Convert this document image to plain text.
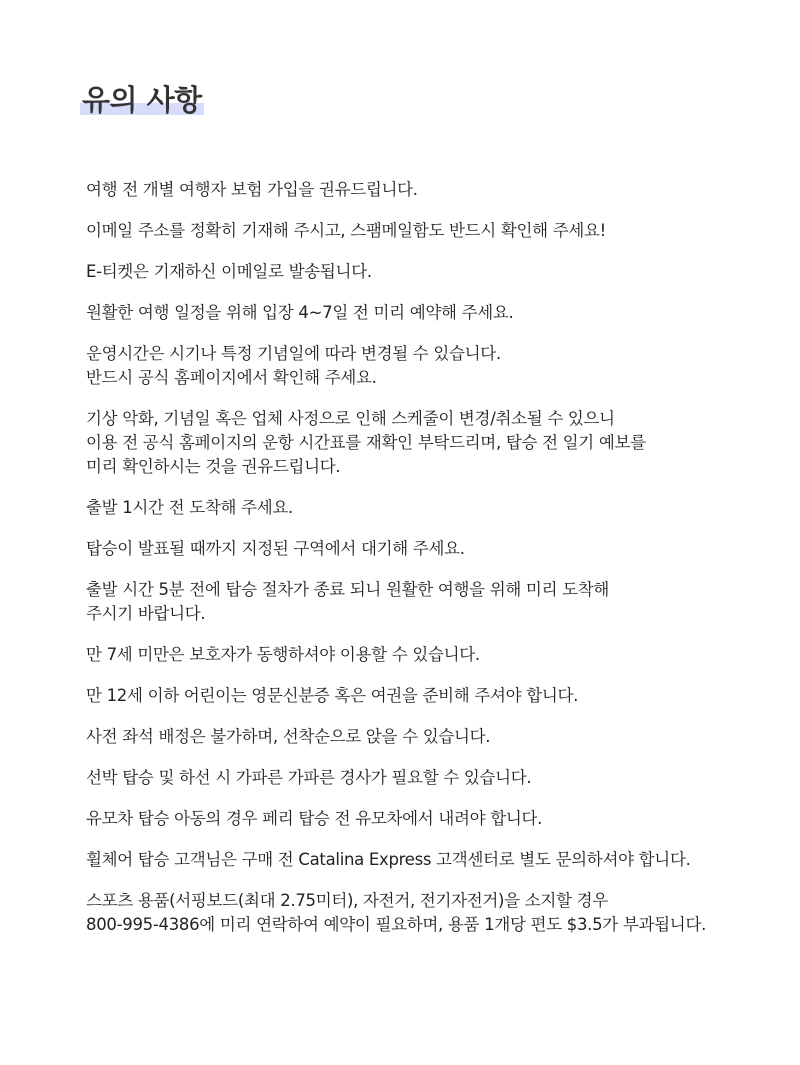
유의 사항
여행 전 개별 여행자 보험 가입을 권유드립니다.
이메일 주소를 정확히 기재해 주시고, 스팸메일함도 반드시 확인해 주세요!
E-티켓은 기재하신 이메일로 발송됩니다.
원활한 여행 일정을 위해 입장 4~7일 전 미리 예약해 주세요.
운영시간은 시기나 특정 기념일에 따라 변경될 수 있습니다.
반드시 공식 홈페이지에서 확인해 주세요.
기상 악화, 기념일 혹은 업체 사정으로 인해 스케줄이 변경/취소될 수 있으니
이용 전 공식 홈페이지의 운항 시간표를 재확인 부탁드리며, 탑승 전 일기 예보를
미리 확인하시는 것을 권유드립니다.
출발 1시간 전 도착해 주세요.
탑승이 발표될 때까지 지정된 구역에서 대기해 주세요.
출발 시간 5분 전에 탑승 절차가 종료 되니 원활한 여행을 위해 미리 도착해
주시기 바랍니다.
만 7세 미만은 보호자가 동행하셔야 이용할 수 있습니다.
만 12세 이하 어린이는 영문신분증 혹은 여권을 준비해 주셔야 합니다.
사전 좌석 배정은 불가하며, 선착순으로 앉을 수 있습니다.
선박 탑승 및 하선 시 가파른 가파른 경사가 필요할 수 있습니다.
유모차 탑승 아동의 경우 페리 탑승 전 유모차에서 내려야 합니다.
휠체어 탑승 고객님은 구매 전 Catalina Express 고객센터로 별도 문의하셔야 합니다.
스포츠 용품(서핑보드(최대 2.75미터), 자전거, 전기자전거)을 소지할 경우
800-995-4386에 미리 연락하여 예약이 필요하며, 용품 1개당 편도 $3.5가 부과됩니다.
